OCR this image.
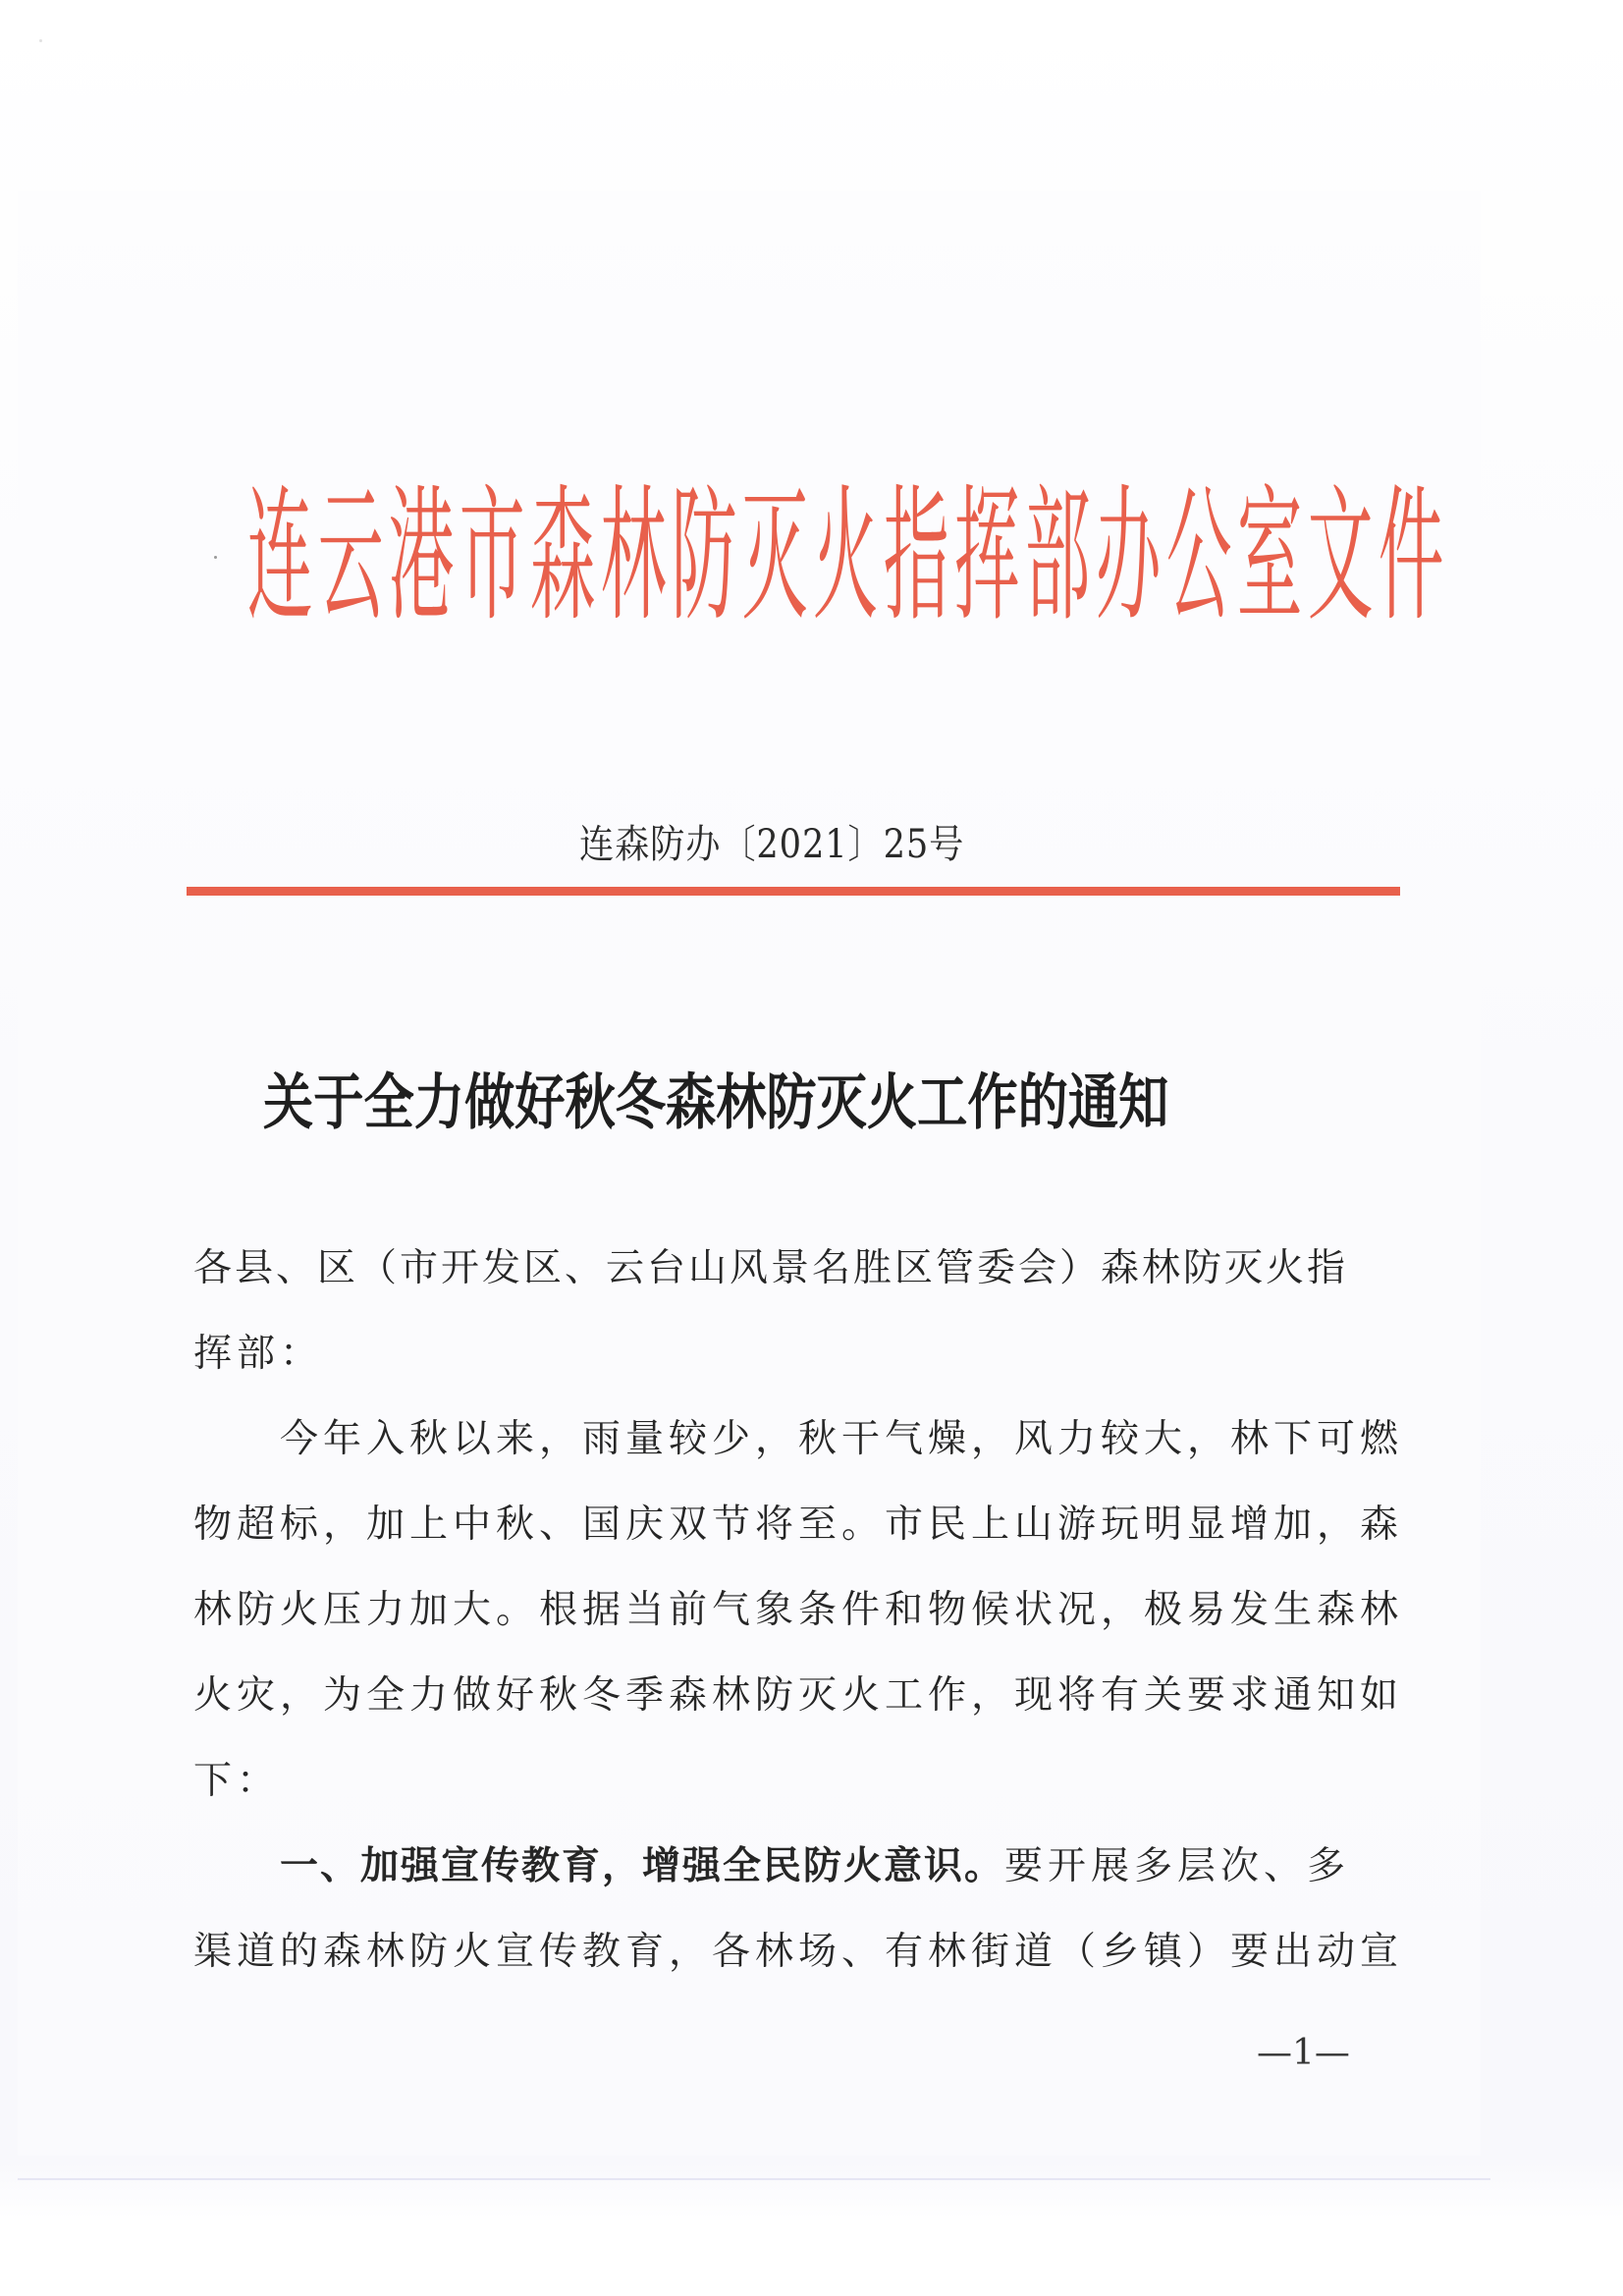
连 云 港 市 森 林 防 灭 火 指 挥 部 办 公 室 文 件
连森防办〔2021〕25号
关于全力做好秋冬森林防灭火工作的通知
各县、区（市开发区、云台山风景名胜区管委会）森林防灭火指
挥部：
今年入秋以来，雨量较少，秋干气燥，风力较大，林下可燃
物超标，加上中秋、国庆双节将至。市民上山游玩明显增加，森
林防火压力加大。根据当前气象条件和物候状况，极易发生森林
火灾，为全力做好秋冬季森林防灭火工作，现将有关要求通知如
下：
一、加强宣传教育，增强全民防火意识。要开展多层次、多
渠道的森林防火宣传教育，各林场、有林街道（乡镇）要出动宣
—1—
